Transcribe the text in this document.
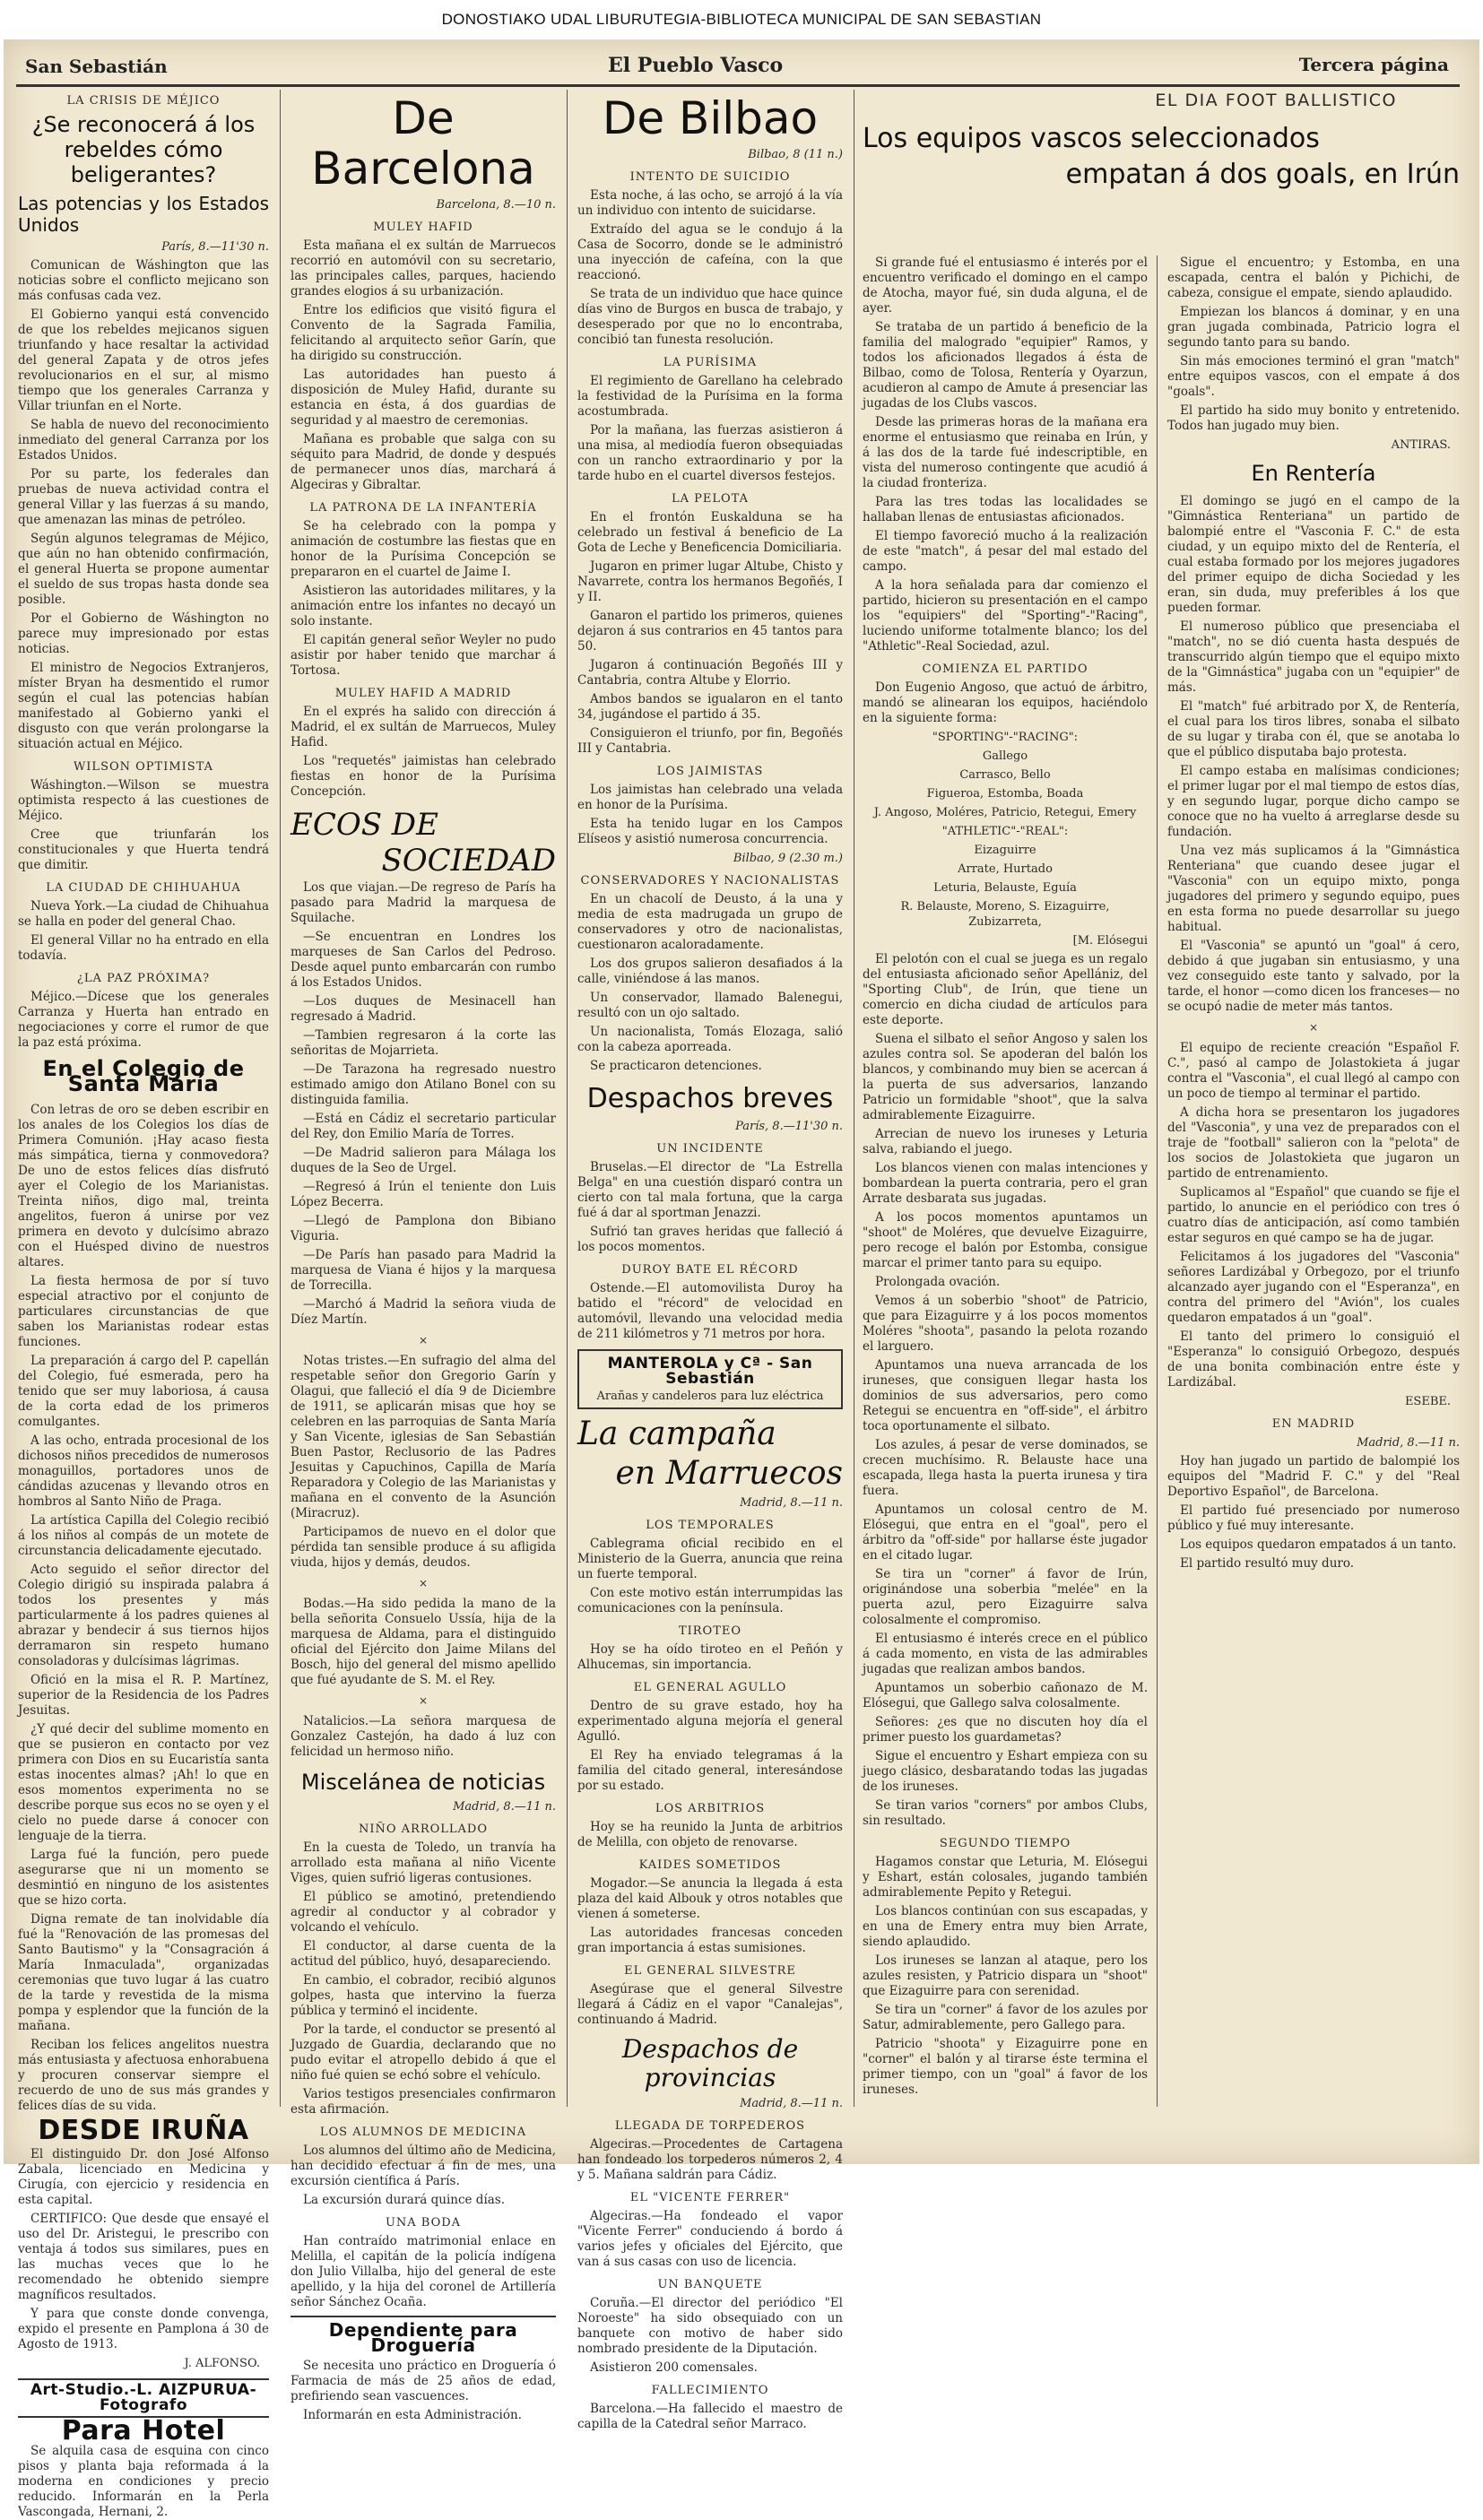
DONOSTIAKO UDAL LIBURUTEGIA-BIBLIOTECA MUNICIPAL DE SAN SEBASTIAN
San Sebastián	El Pueblo Vasco	Tercera página
LA CRISIS DE MÉJICO
¿Se reconocerá á los rebeldes cómo beligerantes?
Las potencias y los Estados Unidos
París, 8.—11'30 n.

Comunican de Wáshington que las noticias sobre el conflicto mejicano son más confusas cada vez.

El Gobierno yanqui está convencido de que los rebeldes mejicanos siguen triunfando y hace resaltar la actividad del general Zapata y de otros jefes revolucionarios en el sur, al mismo tiempo que los generales Carranza y Villar triunfan en el Norte.

Se habla de nuevo del reconocimiento inmediato del general Carranza por los Estados Unidos.

Por su parte, los federales dan pruebas de nueva actividad contra el general Villar y las fuerzas á su mando, que amenazan las minas de petróleo.

Según algunos telegramas de Méjico, que aún no han obtenido confirmación, el general Huerta se propone aumentar el sueldo de sus tropas hasta donde sea posible.

Por el Gobierno de Wáshington no parece muy impresionado por estas noticias.

El ministro de Negocios Extranjeros, míster Bryan ha desmentido el rumor según el cual las potencias habían manifestado al Gobierno yanki el disgusto con que verán prolongarse la situación actual en Méjico.

WILSON OPTIMISTA

Wáshington.—Wilson se muestra optimista respecto á las cuestiones de Méjico.

Cree que triunfarán los constitucionales y que Huerta tendrá que dimitir.

LA CIUDAD DE CHIHUAHUA

Nueva York.—La ciudad de Chihuahua se halla en poder del general Chao.

El general Villar no ha entrado en ella todavía.

¿LA PAZ PRÓXIMA?

Méjico.—Dícese que los generales Carranza y Huerta han entrado en negociaciones y corre el rumor de que la paz está próxima.

En el Colegio de Santa María

Con letras de oro se deben escribir en los anales de los Colegios los días de Primera Comunión. ¡Hay acaso fiesta más simpática, tierna y conmovedora? De uno de estos felices días disfrutó ayer el Colegio de los Marianistas. Treinta niños, digo mal, treinta angelitos, fueron á unirse por vez primera en devoto y dulcísimo abrazo con el Huésped divino de nuestros altares.

La fiesta hermosa de por sí tuvo especial atractivo por el conjunto de particulares circunstancias de que saben los Marianistas rodear estas funciones.

La preparación á cargo del P. capellán del Colegio, fué esmerada, pero ha tenido que ser muy laboriosa, á causa de la corta edad de los primeros comulgantes.

A las ocho, entrada procesional de los dichosos niños precedidos de numerosos monaguillos, portadores unos de cándidas azucenas y llevando otros en hombros al Santo Niño de Praga.

La artística Capilla del Colegio recibió á los niños al compás de un motete de circunstancia delicadamente ejecutado.

Acto seguido el señor director del Colegio dirigió su inspirada palabra á todos los presentes y más particularmente á los padres quienes al abrazar y bendecir á sus tiernos hijos derramaron sin respeto humano consoladoras y dulcísimas lágrimas.

Ofició en la misa el R. P. Martínez, superior de la Residencia de los Padres Jesuitas.

¿Y qué decir del sublime momento en que se pusieron en contacto por vez primera con Dios en su Eucaristía santa estas inocentes almas? ¡Ah! lo que en esos momentos experimenta no se describe porque sus ecos no se oyen y el cielo no puede darse á conocer con lenguaje de la tierra.

Larga fué la función, pero puede asegurarse que ni un momento se desmintió en ninguno de los asistentes que se hizo corta.

Digna remate de tan inolvidable día fué la "Renovación de las promesas del Santo Bautismo" y la "Consagración á María Inmaculada", organizadas ceremonias que tuvo lugar á las cuatro de la tarde y revestida de la misma pompa y esplendor que la función de la mañana.

Reciban los felices angelitos nuestra más entusiasta y afectuosa enhorabuena y procuren conservar siempre el recuerdo de uno de sus más grandes y felices días de su vida.

DESDE IRUÑA

El distinguido Dr. don José Alfonso Zabala, licenciado en Medicina y Cirugía, con ejercicio y residencia en esta capital.

CERTIFICO: Que desde que ensayé el uso del Dr. Aristegui, le prescribo con ventaja á todos sus similares, pues en las muchas veces que lo he recomendado he obtenido siempre magníficos resultados.

Y para que conste donde convenga, expido el presente en Pamplona á 30 de Agosto de 1913.

J. ALFONSO.
Art-Studio.-L. AIZPURUA-Fotografo
Para Hotel

Se alquila casa de esquina con cinco pisos y planta baja reformada á la moderna en condiciones y precio reducido. Informarán en la Perla Vascongada, Hernani, 2.

De Barcelona
Barcelona, 8.—10 n.
MULEY HAFID

Esta mañana el ex sultán de Marruecos recorrió en automóvil con su secretario, las principales calles, parques, haciendo grandes elogios á su urbanización.

Entre los edificios que visitó figura el Convento de la Sagrada Familia, felicitando al arquitecto señor Garín, que ha dirigido su construcción.

Las autoridades han puesto á disposición de Muley Hafid, durante su estancia en ésta, á dos guardias de seguridad y al maestro de ceremonias.

Mañana es probable que salga con su séquito para Madrid, de donde y después de permanecer unos días, marchará á Algeciras y Gibraltar.

LA PATRONA DE LA INFANTERÍA

Se ha celebrado con la pompa y animación de costumbre las fiestas que en honor de la Purísima Concepción se prepararon en el cuartel de Jaime I.

Asistieron las autoridades militares, y la animación entre los infantes no decayó un solo instante.

El capitán general señor Weyler no pudo asistir por haber tenido que marchar á Tortosa.

MULEY HAFID A MADRID

En el exprés ha salido con dirección á Madrid, el ex sultán de Marruecos, Muley Hafid.

Los "requetés" jaimistas han celebrado fiestas en honor de la Purísima Concepción.

ECOS DE
SOCIEDAD

Los que viajan.—De regreso de París ha pasado para Madrid la marquesa de Squilache.

—Se encuentran en Londres los marqueses de San Carlos del Pedroso. Desde aquel punto embarcarán con rumbo á los Estados Unidos.

—Los duques de Mesinacell han regresado á Madrid.

—Tambien regresaron á la corte las señoritas de Mojarrieta.

—De Tarazona ha regresado nuestro estimado amigo don Atilano Bonel con su distinguida familia.

—Está en Cádiz el secretario particular del Rey, don Emilio María de Torres.

—De Madrid salieron para Málaga los duques de la Seo de Urgel.

—Regresó á Irún el teniente don Luis López Becerra.

—Llegó de Pamplona don Bibiano Viguria.

—De París han pasado para Madrid la marquesa de Viana é hijos y la marquesa de Torrecilla.

—Marchó á Madrid la señora viuda de Díez Martín.

×

Notas tristes.—En sufragio del alma del respetable señor don Gregorio Garín y Olagui, que falleció el día 9 de Diciembre de 1911, se aplicarán misas que hoy se celebren en las parroquias de Santa María y San Vicente, iglesias de San Sebastián Buen Pastor, Reclusorio de las Padres Jesuitas y Capuchinos, Capilla de María Reparadora y Colegio de las Marianistas y mañana en el convento de la Asunción (Miracruz).

Participamos de nuevo en el dolor que pérdida tan sensible produce á su afligida viuda, hijos y demás, deudos.

×

Bodas.—Ha sido pedida la mano de la bella señorita Consuelo Ussía, hija de la marquesa de Aldama, para el distinguido oficial del Ejército don Jaime Milans del Bosch, hijo del general del mismo apellido que fué ayudante de S. M. el Rey.

×

Natalicios.—La señora marquesa de Gonzalez Castejón, ha dado á luz con felicidad un hermoso niño.

Miscelánea de noticias
Madrid, 8.—11 n.
NIÑO ARROLLADO

En la cuesta de Toledo, un tranvía ha arrollado esta mañana al niño Vicente Viges, quien sufrió ligeras contusiones.

El público se amotinó, pretendiendo agredir al conductor y al cobrador y volcando el vehículo.

El conductor, al darse cuenta de la actitud del público, huyó, desapareciendo.

En cambio, el cobrador, recibió algunos golpes, hasta que intervino la fuerza pública y terminó el incidente.

Por la tarde, el conductor se presentó al Juzgado de Guardia, declarando que no pudo evitar el atropello debido á que el niño fué quien se echó sobre el vehículo.

Varios testigos presenciales confirmaron esta afirmación.

LOS ALUMNOS DE MEDICINA

Los alumnos del último año de Medicina, han decidido efectuar á fin de mes, una excursión científica á París.

La excursión durará quince días.

UNA BODA

Han contraído matrimonial enlace en Melilla, el capitán de la policía indígena don Julio Villalba, hijo del general de este apellido, y la hija del coronel de Artillería señor Sánchez Ocaña.

Dependiente para Droguería

Se necesita uno práctico en Droguería ó Farmacia de más de 25 años de edad, prefiriendo sean vascuences.

Informarán en esta Administración.

De Bilbao
Bilbao, 8 (11 n.)
INTENTO DE SUICIDIO

Esta noche, á las ocho, se arrojó á la vía un individuo con intento de suicidarse.

Extraído del agua se le condujo á la Casa de Socorro, donde se le administró una inyección de cafeína, con la que reaccionó.

Se trata de un individuo que hace quince días vino de Burgos en busca de trabajo, y desesperado por que no lo encontraba, concibió tan funesta resolución.

LA PURÍSIMA

El regimiento de Garellano ha celebrado la festividad de la Purísima en la forma acostumbrada.

Por la mañana, las fuerzas asistieron á una misa, al mediodía fueron obsequiadas con un rancho extraordinario y por la tarde hubo en el cuartel diversos festejos.

LA PELOTA

En el frontón Euskalduna se ha celebrado un festival á beneficio de La Gota de Leche y Beneficencia Domiciliaria.

Jugaron en primer lugar Altube, Chisto y Navarrete, contra los hermanos Begoñés, I y II.

Ganaron el partido los primeros, quienes dejaron á sus contrarios en 45 tantos para 50.

Jugaron á continuación Begoñés III y Cantabria, contra Altube y Elorrio.

Ambos bandos se igualaron en el tanto 34, jugándose el partido á 35.

Consiguieron el triunfo, por fin, Begoñés III y Cantabria.

LOS JAIMISTAS

Los jaimistas han celebrado una velada en honor de la Purísima.

Esta ha tenido lugar en los Campos Elíseos y asistió numerosa concurrencia.

Bilbao, 9 (2.30 m.)
CONSERVADORES Y NACIONALISTAS

En un chacolí de Deusto, á la una y media de esta madrugada un grupo de conservadores y otro de nacionalistas, cuestionaron acaloradamente.

Los dos grupos salieron desafiados á la calle, viniéndose á las manos.

Un conservador, llamado Balenegui, resultó con un ojo saltado.

Un nacionalista, Tomás Elozaga, salió con la cabeza aporreada.

Se practicaron detenciones.

Despachos breves
París, 8.—11'30 n.
UN INCIDENTE

Bruselas.—El director de "La Estrella Belga" en una cuestión disparó contra un cierto con tal mala fortuna, que la carga fué á dar al sportman Jenazzi.

Sufrió tan graves heridas que falleció á los pocos momentos.

DUROY BATE EL RÉCORD

Ostende.—El automovilista Duroy ha batido el "récord" de velocidad en automóvil, llevando una velocidad media de 211 kilómetros y 71 metros por hora.

MANTEROLA y Cª - San Sebastián
Arañas y candeleros para luz eléctrica
La campaña
en Marruecos
Madrid, 8.—11 n.
LOS TEMPORALES

Cablegrama oficial recibido en el Ministerio de la Guerra, anuncia que reina un fuerte temporal.

Con este motivo están interrumpidas las comunicaciones con la península.

TIROTEO

Hoy se ha oído tiroteo en el Peñón y Alhucemas, sin importancia.

EL GENERAL AGULLO

Dentro de su grave estado, hoy ha experimentado alguna mejoría el general Agulló.

El Rey ha enviado telegramas á la familia del citado general, interesándose por su estado.

LOS ARBITRIOS

Hoy se ha reunido la Junta de arbitrios de Melilla, con objeto de renovarse.

KAIDES SOMETIDOS

Mogador.—Se anuncia la llegada á esta plaza del kaid Albouk y otros notables que vienen á someterse.

Las autoridades francesas conceden gran importancia á estas sumisiones.

EL GENERAL SILVESTRE

Asegúrase que el general Silvestre llegará á Cádiz en el vapor "Canalejas", continuando á Madrid.

Despachos de provincias
Madrid, 8.—11 n.
LLEGADA DE TORPEDEROS

Algeciras.—Procedentes de Cartagena han fondeado los torpederos números 2, 4 y 5. Mañana saldrán para Cádiz.

EL "VICENTE FERRER"

Algeciras.—Ha fondeado el vapor "Vicente Ferrer" conduciendo á bordo á varios jefes y oficiales del Ejército, que van á sus casas con uso de licencia.

UN BANQUETE

Coruña.—El director del periódico "El Noroeste" ha sido obsequiado con un banquete con motivo de haber sido nombrado presidente de la Diputación.

Asistieron 200 comensales.

FALLECIMIENTO

Barcelona.—Ha fallecido el maestro de capilla de la Catedral señor Marraco.

EL DIA FOOT BALLISTICO
Los equipos vascos seleccionados
empatan á dos goals, en Irún

Si grande fué el entusiasmo é interés por el encuentro verificado el domingo en el campo de Atocha, mayor fué, sin duda alguna, el de ayer.

Se trataba de un partido á beneficio de la familia del malogrado "equipier" Ramos, y todos los aficionados llegados á ésta de Bilbao, como de Tolosa, Rentería y Oyarzun, acudieron al campo de Amute á presenciar las jugadas de los Clubs vascos.

Desde las primeras horas de la mañana era enorme el entusiasmo que reinaba en Irún, y á las dos de la tarde fué indescriptible, en vista del numeroso contingente que acudió á la ciudad fronteriza.

Para las tres todas las localidades se hallaban llenas de entusiastas aficionados.

El tiempo favoreció mucho á la realización de este "match", á pesar del mal estado del campo.

A la hora señalada para dar comienzo el partido, hicieron su presentación en el campo los "equipiers" del "Sporting"-"Racing", luciendo uniforme totalmente blanco; los del "Athletic"-Real Sociedad, azul.

COMIENZA EL PARTIDO

Don Eugenio Angoso, que actuó de árbitro, mandó se alinearan los equipos, haciéndolo en la siguiente forma:

"SPORTING"-"RACING":

Gallego

Carrasco, Bello

Figueroa, Estomba, Boada

J. Angoso, Moléres, Patricio, Retegui, Emery

"ATHLETIC"-"REAL":

Eizaguirre

Arrate, Hurtado

Leturia, Belauste, Eguía

R. Belauste, Moreno, S. Eizaguirre, Zubizarreta,

[M. Elósegui

El pelotón con el cual se juega es un regalo del entusiasta aficionado señor Apellániz, del "Sporting Club", de Irún, que tiene un comercio en dicha ciudad de artículos para este deporte.

Suena el silbato el señor Angoso y salen los azules contra sol. Se apoderan del balón los blancos, y combinando muy bien se acercan á la puerta de sus adversarios, lanzando Patricio un formidable "shoot", que la salva admirablemente Eizaguirre.

Arrecian de nuevo los iruneses y Leturia salva, rabiando el juego.

Los blancos vienen con malas intenciones y bombardean la puerta contraria, pero el gran Arrate desbarata sus jugadas.

A los pocos momentos apuntamos un "shoot" de Moléres, que devuelve Eizaguirre, pero recoge el balón por Estomba, consigue marcar el primer tanto para su equipo.

Prolongada ovación.

Vemos á un soberbio "shoot" de Patricio, que para Eizaguirre y á los pocos momentos Moléres "shoota", pasando la pelota rozando el larguero.

Apuntamos una nueva arrancada de los iruneses, que consiguen llegar hasta los dominios de sus adversarios, pero como Retegui se encuentra en "off-side", el árbitro toca oportunamente el silbato.

Los azules, á pesar de verse dominados, se crecen muchísimo. R. Belauste hace una escapada, llega hasta la puerta irunesa y tira fuera.

Apuntamos un colosal centro de M. Elósegui, que entra en el "goal", pero el árbitro da "off-side" por hallarse éste jugador en el citado lugar.

Se tira un "corner" á favor de Irún, originándose una soberbia "melée" en la puerta azul, pero Eizaguirre salva colosalmente el compromiso.

El entusiasmo é interés crece en el público á cada momento, en vista de las admirables jugadas que realizan ambos bandos.

Apuntamos un soberbio cañonazo de M. Elósegui, que Gallego salva colosalmente.

Señores: ¿es que no discuten hoy día el primer puesto los guardametas?

Sigue el encuentro y Eshart empieza con su juego clásico, desbaratando todas las jugadas de los iruneses.

Se tiran varios "corners" por ambos Clubs, sin resultado.

SEGUNDO TIEMPO

Hagamos constar que Leturia, M. Elósegui y Eshart, están colosales, jugando también admirablemente Pepito y Retegui.

Los blancos continúan con sus escapadas, y en una de Emery entra muy bien Arrate, siendo aplaudido.

Los iruneses se lanzan al ataque, pero los azules resisten, y Patricio dispara un "shoot" que Eizaguirre para con serenidad.

Se tira un "corner" á favor de los azules por Satur, admirablemente, pero Gallego para.

Patricio "shoota" y Eizaguirre pone en "corner" el balón y al tirarse éste termina el primer tiempo, con un "goal" á favor de los iruneses.

Sigue el encuentro; y Estomba, en una escapada, centra el balón y Pichichi, de cabeza, consigue el empate, siendo aplaudido.

Empiezan los blancos á dominar, y en una gran jugada combinada, Patricio logra el segundo tanto para su bando.

Sin más emociones terminó el gran "match" entre equipos vascos, con el empate á dos "goals".

El partido ha sido muy bonito y entretenido. Todos han jugado muy bien.

ANTIRAS.
En Rentería

El domingo se jugó en el campo de la "Gimnástica Renteriana" un partido de balompié entre el "Vasconia F. C." de esta ciudad, y un equipo mixto del de Rentería, el cual estaba formado por los mejores jugadores del primer equipo de dicha Sociedad y les eran, sin duda, muy preferibles á los que pueden formar.

El numeroso público que presenciaba el "match", no se dió cuenta hasta después de transcurrido algún tiempo que el equipo mixto de la "Gimnástica" jugaba con un "equipier" de más.

El "match" fué arbitrado por X, de Rentería, el cual para los tiros libres, sonaba el silbato de su lugar y tiraba con él, que se anotaba lo que el público disputaba bajo protesta.

El campo estaba en malísimas condiciones; el primer lugar por el mal tiempo de estos días, y en segundo lugar, porque dicho campo se conoce que no ha vuelto á arreglarse desde su fundación.

Una vez más suplicamos á la "Gimnástica Renteriana" que cuando desee jugar el "Vasconia" con un equipo mixto, ponga jugadores del primero y segundo equipo, pues en esta forma no puede desarrollar su juego habitual.

El "Vasconia" se apuntó un "goal" á cero, debido á que jugaban sin entusiasmo, y una vez conseguido este tanto y salvado, por la tarde, el honor —como dicen los franceses— no se ocupó nadie de meter más tantos.

×

El equipo de reciente creación "Español F. C.", pasó al campo de Jolastokieta á jugar contra el "Vasconia", el cual llegó al campo con un poco de tiempo al terminar el partido.

A dicha hora se presentaron los jugadores del "Vasconia", y una vez de preparados con el traje de "football" salieron con la "pelota" de los socios de Jolastokieta que jugaron un partido de entrenamiento.

Suplicamos al "Español" que cuando se fije el partido, lo anuncie en el periódico con tres ó cuatro días de anticipación, así como también estar seguros en qué campo se ha de jugar.

Felicitamos á los jugadores del "Vasconia" señores Lardizábal y Orbegozo, por el triunfo alcanzado ayer jugando con el "Esperanza", en contra del primero del "Avión", los cuales quedaron empatados á un "goal".

El tanto del primero lo consiguió el "Esperanza" lo consiguió Orbegozo, después de una bonita combinación entre éste y Lardizábal.

ESEBE.
EN MADRID
Madrid, 8.—11 n.

Hoy han jugado un partido de balompié los equipos del "Madrid F. C." y del "Real Deportivo Español", de Barcelona.

El partido fué presenciado por numeroso público y fué muy interesante.

Los equipos quedaron empatados á un tanto.

El partido resultó muy duro.
